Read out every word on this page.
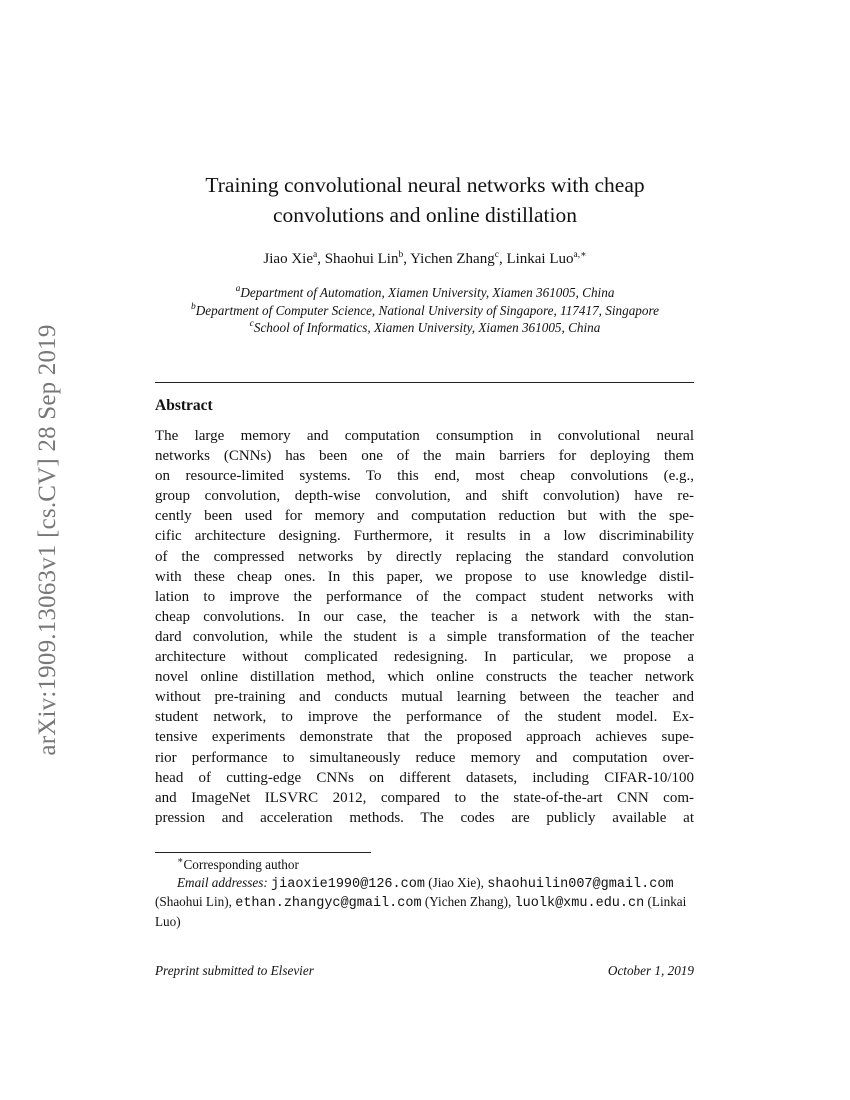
arXiv:1909.13063v1 [cs.CV] 28 Sep 2019
Training convolutional neural networks with cheap
convolutions and online distillation
Jiao Xie$^a$, Shaohui Lin$^b$, Yichen Zhang$^c$, Linkai Luo$^{a,∗}$
$^a$Department of Automation, Xiamen University, Xiamen 361005, China
$^b$Department of Computer Science, National University of Singapore, 117417, Singapore
$^c$School of Informatics, Xiamen University, Xiamen 361005, China
Abstract
The large memory and computation consumption in convolutional neural
networks (CNNs) has been one of the main barriers for deploying them
on resource-limited systems. To this end, most cheap convolutions (e.g.,
group convolution, depth-wise convolution, and shift convolution) have re-
cently been used for memory and computation reduction but with the spe-
cific architecture designing. Furthermore, it results in a low discriminability
of the compressed networks by directly replacing the standard convolution
with these cheap ones. In this paper, we propose to use knowledge distil-
lation to improve the performance of the compact student networks with
cheap convolutions. In our case, the teacher is a network with the stan-
dard convolution, while the student is a simple transformation of the teacher
architecture without complicated redesigning. In particular, we propose a
novel online distillation method, which online constructs the teacher network
without pre-training and conducts mutual learning between the teacher and
student network, to improve the performance of the student model. Ex-
tensive experiments demonstrate that the proposed approach achieves supe-
rior performance to simultaneously reduce memory and computation over-
head of cutting-edge CNNs on different datasets, including CIFAR-10/100
and ImageNet ILSVRC 2012, compared to the state-of-the-art CNN com-
pression and acceleration methods. The codes are publicly available at
∗Corresponding author
Email addresses: jiaoxie1990@126.com (Jiao Xie), shaohuilin007@gmail.com (Shaohui Lin), ethan.zhangyc@gmail.com (Yichen Zhang), luolk@xmu.edu.cn (Linkai Luo)
Preprint submitted to Elsevier	October 1, 2019
